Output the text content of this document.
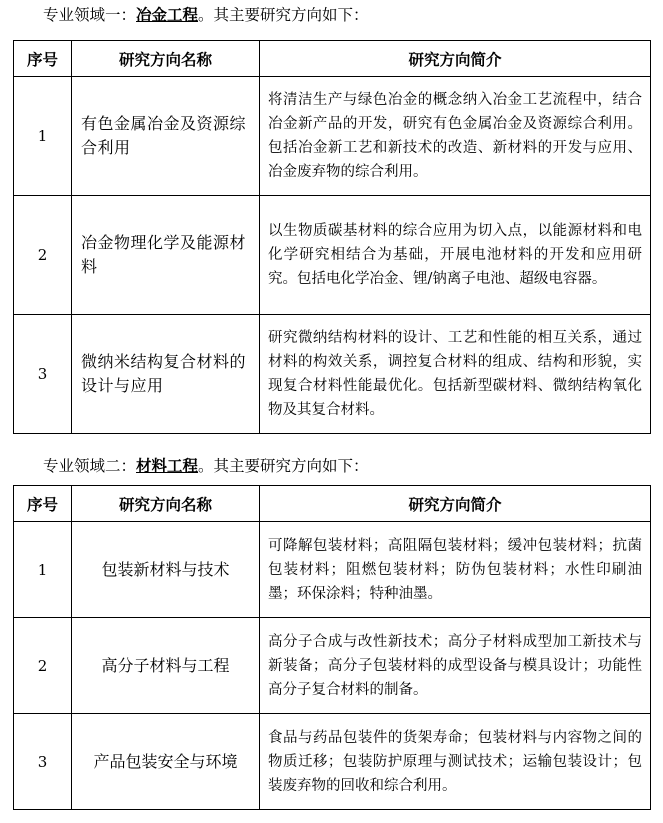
专业领域一：冶金工程。其主要研究方向如下：
序号	研究方向名称	研究方向简介
1	有色金属冶金及资源综合利用	将清洁生产与绿色冶金的概念纳入冶金工艺流程中，结合冶金新产品的开发，研究有色金属冶金及资源综合利用。包括冶金新工艺和新技术的改造、新材料的开发与应用、冶金废弃物的综合利用。
2	冶金物理化学及能源材料	以生物质碳基材料的综合应用为切入点，以能源材料和电化学研究相结合为基础，开展电池材料的开发和应用研究。包括电化学冶金、锂/钠离子电池、超级电容器。
3	微纳米结构复合材料的设计与应用	研究微纳结构材料的设计、工艺和性能的相互关系，通过材料的构效关系，调控复合材料的组成、结构和形貌，实现复合材料性能最优化。包括新型碳材料、微纳结构氧化物及其复合材料。
专业领域二：材料工程。其主要研究方向如下：
序号	研究方向名称	研究方向简介
1	包装新材料与技术	可降解包装材料；高阻隔包装材料；缓冲包装材料；抗菌包装材料；阻燃包装材料；防伪包装材料；水性印刷油墨；环保涂料；特种油墨。
2	高分子材料与工程	高分子合成与改性新技术；高分子材料成型加工新技术与新装备；高分子包装材料的成型设备与模具设计；功能性高分子复合材料的制备。
3	产品包装安全与环境	食品与药品包装件的货架寿命；包装材料与内容物之间的物质迁移；包装防护原理与测试技术；运输包装设计；包装废弃物的回收和综合利用。
